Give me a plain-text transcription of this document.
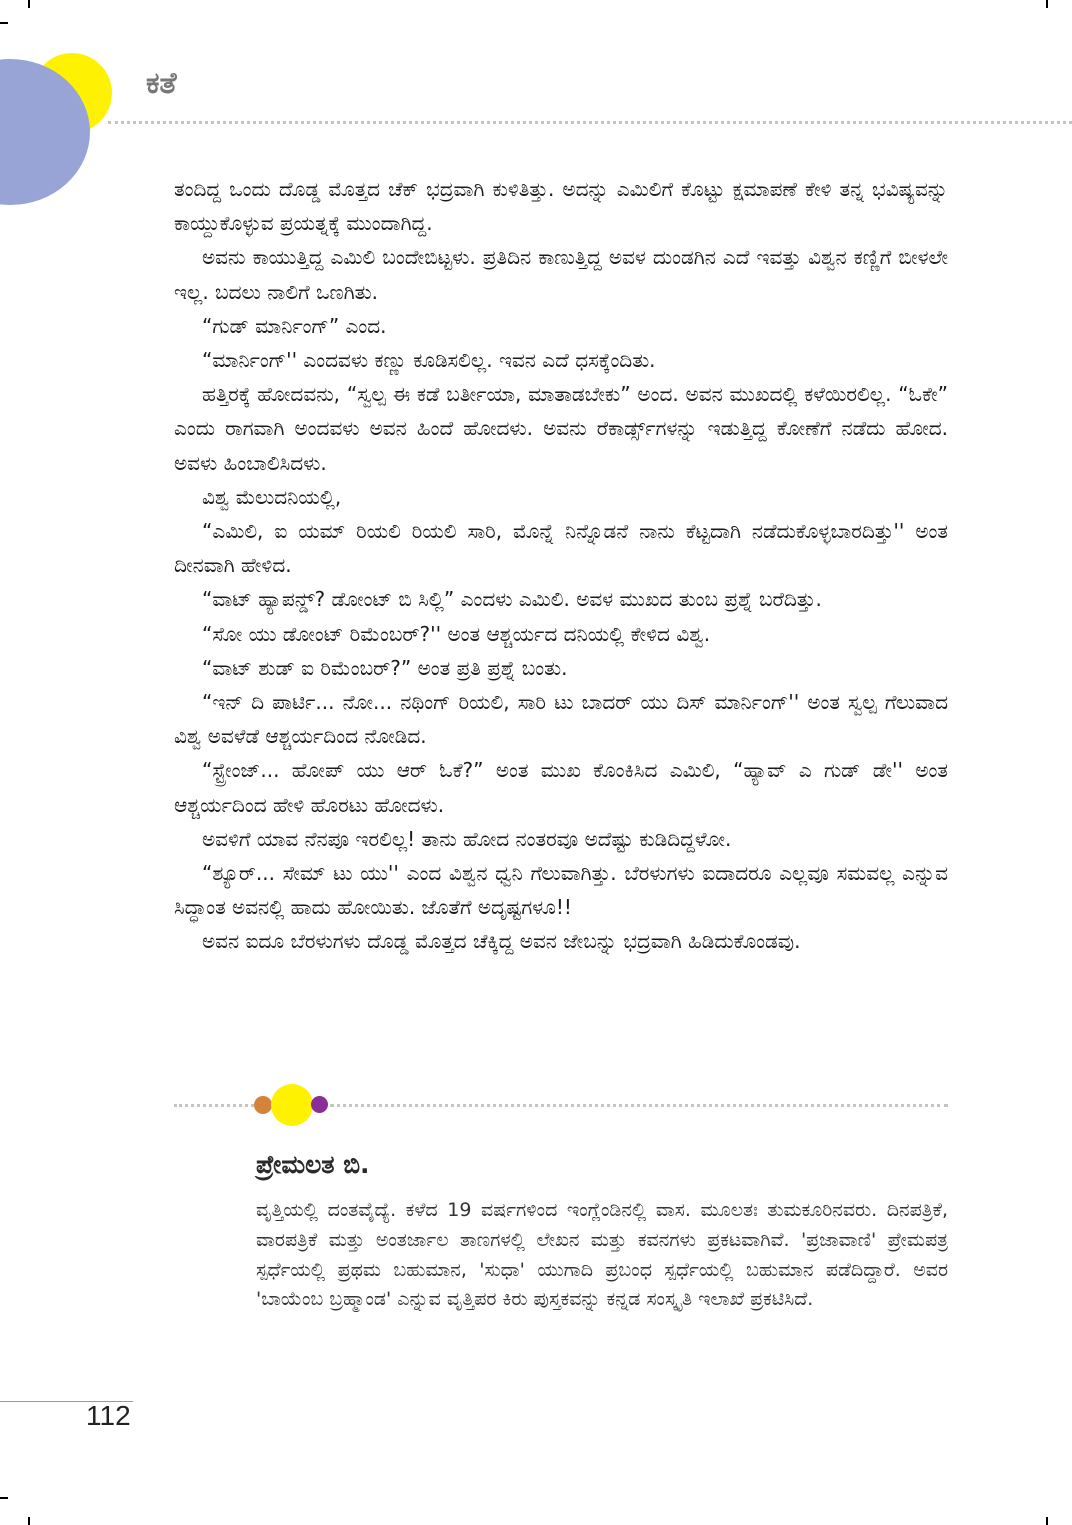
ಕತೆ

ತಂದಿದ್ದ ಒಂದು ದೊಡ್ಡ ಮೊತ್ತದ ಚೆಕ್ ಭದ್ರವಾಗಿ ಕುಳಿತಿತ್ತು. ಅದನ್ನು ಎಮಿಲಿಗೆ ಕೊಟ್ಟು ಕ್ಷಮಾಪಣೆ ಕೇಳಿ ತನ್ನ ಭವಿಷ್ಯವನ್ನು ಕಾಯ್ದುಕೊಳ್ಳುವ ಪ್ರಯತ್ನಕ್ಕೆ ಮುಂದಾಗಿದ್ದ.

ಅವನು ಕಾಯುತ್ತಿದ್ದ ಎಮಿಲಿ ಬಂದೇಬಿಟ್ಟಳು. ಪ್ರತಿದಿನ ಕಾಣುತ್ತಿದ್ದ ಅವಳ ದುಂಡಗಿನ ಎದೆ ಇವತ್ತು ವಿಶ್ವನ ಕಣ್ಣಿಗೆ ಬೀಳಲೇ ಇಲ್ಲ. ಬದಲು ನಾಲಿಗೆ ಒಣಗಿತು.

“ಗುಡ್ ಮಾರ್ನಿಂಗ್” ಎಂದ.

“ಮಾರ್ನಿಂಗ್'' ಎಂದವಳು ಕಣ್ಣು ಕೂಡಿಸಲಿಲ್ಲ. ಇವನ ಎದೆ ಧಸಕ್ಕೆಂದಿತು.

ಹತ್ತಿರಕ್ಕೆ ಹೋದವನು, “ಸ್ವಲ್ಪ ಈ ಕಡೆ ಬರ್ತೀಯಾ, ಮಾತಾಡಬೇಕು” ಅಂದ. ಅವನ ಮುಖದಲ್ಲಿ ಕಳೆಯಿರಲಿಲ್ಲ. “ಓಕೇ” ಎಂದು ರಾಗವಾಗಿ ಅಂದವಳು ಅವನ ಹಿಂದೆ ಹೋದಳು. ಅವನು ರೆಕಾರ್ಡ್ಸ್‌ಗಳನ್ನು ಇಡುತ್ತಿದ್ದ ಕೋಣೆಗೆ ನಡೆದು ಹೋದ. ಅವಳು ಹಿಂಬಾಲಿಸಿದಳು.

ವಿಶ್ವ ಮೆಲುದನಿಯಲ್ಲಿ,

“ಎಮಿಲಿ, ಐ ಯಮ್ ರಿಯಲಿ ರಿಯಲಿ ಸಾರಿ, ಮೊನ್ನೆ ನಿನ್ನೊಡನೆ ನಾನು ಕೆಟ್ಟದಾಗಿ ನಡೆದುಕೊಳ್ಳಬಾರದಿತ್ತು'' ಅಂತ ದೀನವಾಗಿ ಹೇಳಿದ.

“ವಾಟ್ ಹ್ಯಾಪನ್ಡ್? ಡೋಂಟ್ ಬಿ ಸಿಲ್ಲಿ” ಎಂದಳು ಎಮಿಲಿ. ಅವಳ ಮುಖದ ತುಂಬ ಪ್ರಶ್ನೆ ಬರೆದಿತ್ತು.

“ಸೋ ಯು ಡೋಂಟ್ ರಿಮೆಂಬರ್?'' ಅಂತ ಆಶ್ಚರ್ಯದ ದನಿಯಲ್ಲಿ ಕೇಳಿದ ವಿಶ್ವ.

“ವಾಟ್ ಶುಡ್ ಐ ರಿಮೆಂಬರ್?” ಅಂತ ಪ್ರತಿ ಪ್ರಶ್ನೆ ಬಂತು.

“ಇನ್ ದಿ ಪಾರ್ಟಿ... ನೋ... ನಥಿಂಗ್ ರಿಯಲಿ, ಸಾರಿ ಟು ಬಾದರ್ ಯು ದಿಸ್ ಮಾರ್ನಿಂಗ್'' ಅಂತ ಸ್ವಲ್ಪ ಗೆಲುವಾದ ವಿಶ್ವ ಅವಳೆಡೆ ಆಶ್ಚರ್ಯದಿಂದ ನೋಡಿದ.

“ಸ್ಟ್ರೇಂಜ್... ಹೋಪ್ ಯು ಆರ್ ಓಕೆ?” ಅಂತ ಮುಖ ಕೊಂಕಿಸಿದ ಎಮಿಲಿ, “ಹ್ಯಾವ್ ಎ ಗುಡ್ ಡೇ'' ಅಂತ ಆಶ್ಚರ್ಯದಿಂದ ಹೇಳಿ ಹೊರಟು ಹೋದಳು.

ಅವಳಿಗೆ ಯಾವ ನೆನಪೂ ಇರಲಿಲ್ಲ! ತಾನು ಹೋದ ನಂತರವೂ ಅದೆಷ್ಟು ಕುಡಿದಿದ್ದಳೋ.

“ಶ್ಯೂರ್... ಸೇಮ್ ಟು ಯು'' ಎಂದ ವಿಶ್ವನ ಧ್ವನಿ ಗೆಲುವಾಗಿತ್ತು. ಬೆರಳುಗಳು ಐದಾದರೂ ಎಲ್ಲವೂ ಸಮವಲ್ಲ ಎನ್ನುವ ಸಿದ್ಧಾಂತ ಅವನಲ್ಲಿ ಹಾದು ಹೋಯಿತು. ಜೊತೆಗೆ ಅದೃಷ್ಟಗಳೂ!!

ಅವನ ಐದೂ ಬೆರಳುಗಳು ದೊಡ್ಡ ಮೊತ್ತದ ಚೆಕ್ಕಿದ್ದ ಅವನ ಜೇಬನ್ನು ಭದ್ರವಾಗಿ ಹಿಡಿದುಕೊಂಡವು.

ಪ್ರೇಮಲತ ಬಿ.
ವೃತ್ತಿಯಲ್ಲಿ ದಂತವೈದ್ಯೆ. ಕಳೆದ 19 ವರ್ಷಗಳಿಂದ ಇಂಗ್ಲೆಂಡಿನಲ್ಲಿ ವಾಸ. ಮೂಲತಃ ತುಮಕೂರಿನವರು. ದಿನಪತ್ರಿಕೆ, ವಾರಪತ್ರಿಕೆ ಮತ್ತು ಅಂತರ್ಜಾಲ ತಾಣಗಳಲ್ಲಿ ಲೇಖನ ಮತ್ತು ಕವನಗಳು ಪ್ರಕಟವಾಗಿವೆ. 'ಪ್ರಜಾವಾಣಿ' ಪ್ರೇಮಪತ್ರ ಸ್ಪರ್ಧೆಯಲ್ಲಿ ಪ್ರಥಮ ಬಹುಮಾನ, 'ಸುಧಾ' ಯುಗಾದಿ ಪ್ರಬಂಧ ಸ್ಪರ್ಧೆಯಲ್ಲಿ ಬಹುಮಾನ ಪಡೆದಿದ್ದಾರೆ. ಅವರ 'ಬಾಯೆಂಬ ಬ್ರಹ್ಮಾಂಡ' ಎನ್ನುವ ವೃತ್ತಿಪರ ಕಿರು ಪುಸ್ತಕವನ್ನು ಕನ್ನಡ ಸಂಸ್ಕೃತಿ ಇಲಾಖೆ ಪ್ರಕಟಿಸಿದೆ.
112
